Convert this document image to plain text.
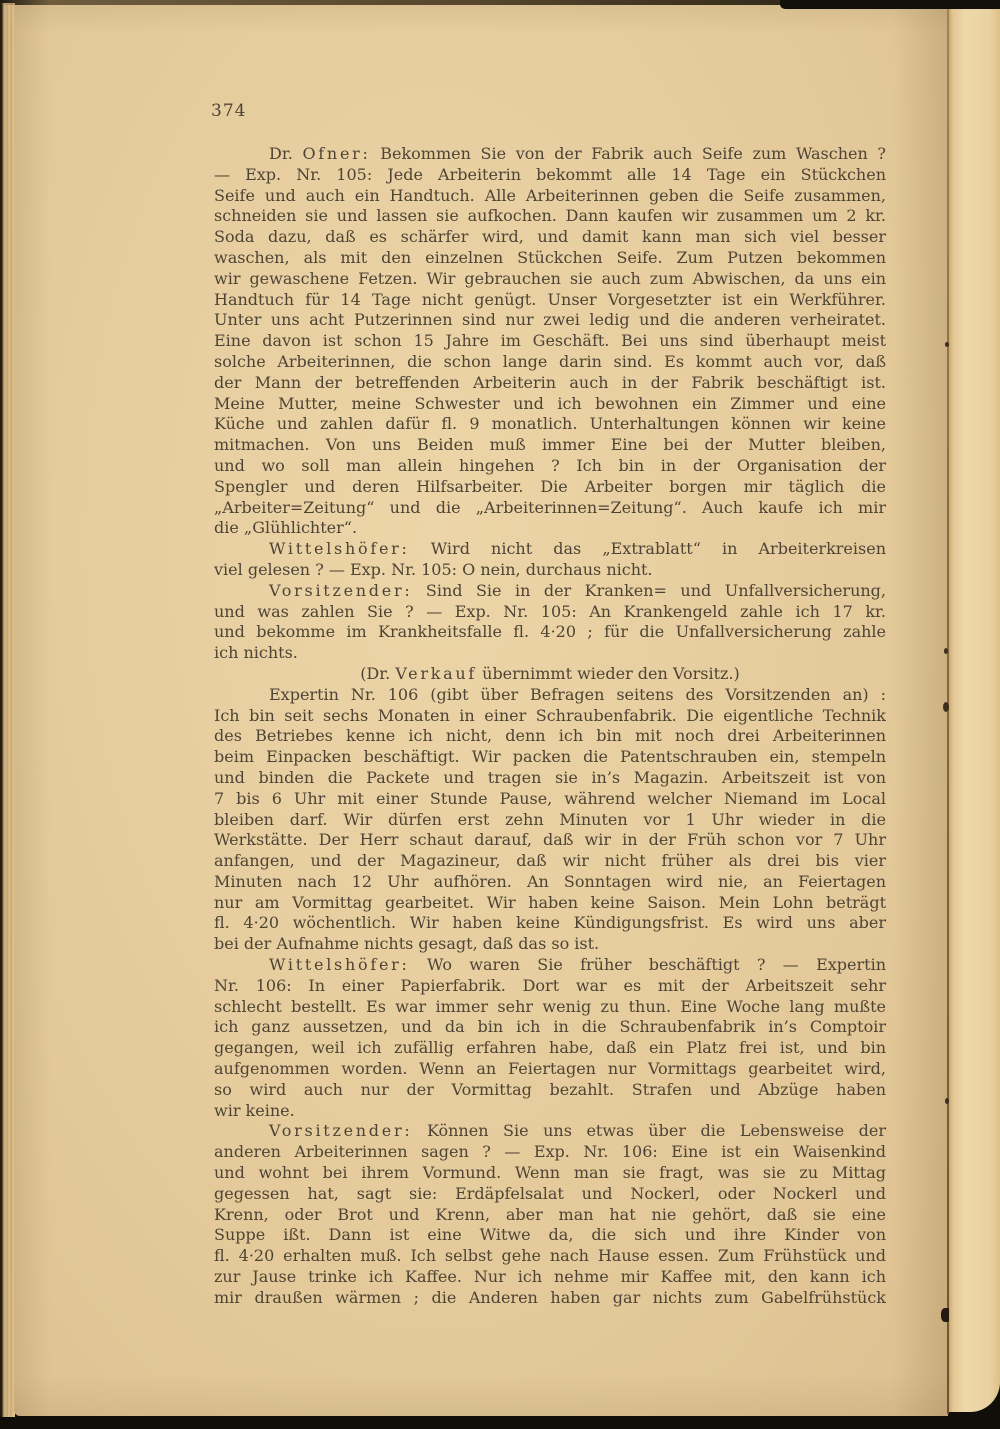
374

Dr. Ofner: Bekommen Sie von der Fabrik auch Seife zum Waschen ?
— Exp. Nr. 105: Jede Arbeiterin bekommt alle 14 Tage ein Stückchen
Seife und auch ein Handtuch. Alle Arbeiterinnen geben die Seife zusammen,
schneiden sie und lassen sie aufkochen. Dann kaufen wir zusammen um 2 kr.
Soda dazu, daß es schärfer wird, und damit kann man sich viel besser
waschen, als mit den einzelnen Stückchen Seife. Zum Putzen bekommen
wir gewaschene Fetzen. Wir gebrauchen sie auch zum Abwischen, da uns ein
Handtuch für 14 Tage nicht genügt. Unser Vorgesetzter ist ein Werkführer.
Unter uns acht Putzerinnen sind nur zwei ledig und die anderen verheiratet.
Eine davon ist schon 15 Jahre im Geschäft. Bei uns sind überhaupt meist
solche Arbeiterinnen, die schon lange darin sind. Es kommt auch vor, daß
der Mann der betreffenden Arbeiterin auch in der Fabrik beschäftigt ist.
Meine Mutter, meine Schwester und ich bewohnen ein Zimmer und eine
Küche und zahlen dafür fl. 9 monatlich. Unterhaltungen können wir keine
mitmachen. Von uns Beiden muß immer Eine bei der Mutter bleiben,
und wo soll man allein hingehen ? Ich bin in der Organisation der
Spengler und deren Hilfsarbeiter. Die Arbeiter borgen mir täglich die
„Arbeiter=Zeitung“ und die „Arbeiterinnen=Zeitung“. Auch kaufe ich mir
die „Glühlichter“.

Wittelshöfer: Wird nicht das „Extrablatt“ in Arbeiterkreisen
viel gelesen ? — Exp. Nr. 105: O nein, durchaus nicht.

Vorsitzender: Sind Sie in der Kranken= und Unfallversicherung,
und was zahlen Sie ? — Exp. Nr. 105: An Krankengeld zahle ich 17 kr.
und bekomme im Krankheitsfalle fl. 4·20 ; für die Unfallversicherung zahle
ich nichts.

(Dr. Verkauf übernimmt wieder den Vorsitz.)

Expertin Nr. 106 (gibt über Befragen seitens des Vorsitzenden an) :
Ich bin seit sechs Monaten in einer Schraubenfabrik. Die eigentliche Technik
des Betriebes kenne ich nicht, denn ich bin mit noch drei Arbeiterinnen
beim Einpacken beschäftigt. Wir packen die Patentschrauben ein, stempeln
und binden die Packete und tragen sie in’s Magazin. Arbeitszeit ist von
7 bis 6 Uhr mit einer Stunde Pause, während welcher Niemand im Local
bleiben darf. Wir dürfen erst zehn Minuten vor 1 Uhr wieder in die
Werkstätte. Der Herr schaut darauf, daß wir in der Früh schon vor 7 Uhr
anfangen, und der Magazineur, daß wir nicht früher als drei bis vier
Minuten nach 12 Uhr aufhören. An Sonntagen wird nie, an Feiertagen
nur am Vormittag gearbeitet. Wir haben keine Saison. Mein Lohn beträgt
fl. 4·20 wöchentlich. Wir haben keine Kündigungsfrist. Es wird uns aber
bei der Aufnahme nichts gesagt, daß das so ist.

Wittelshöfer: Wo waren Sie früher beschäftigt ? — Expertin
Nr. 106: In einer Papierfabrik. Dort war es mit der Arbeitszeit sehr
schlecht bestellt. Es war immer sehr wenig zu thun. Eine Woche lang mußte
ich ganz aussetzen, und da bin ich in die Schraubenfabrik in’s Comptoir
gegangen, weil ich zufällig erfahren habe, daß ein Platz frei ist, und bin
aufgenommen worden. Wenn an Feiertagen nur Vormittags gearbeitet wird,
so wird auch nur der Vormittag bezahlt. Strafen und Abzüge haben
wir keine.

Vorsitzender: Können Sie uns etwas über die Lebensweise der
anderen Arbeiterinnen sagen ? — Exp. Nr. 106: Eine ist ein Waisenkind
und wohnt bei ihrem Vormund. Wenn man sie fragt, was sie zu Mittag
gegessen hat, sagt sie: Erdäpfelsalat und Nockerl, oder Nockerl und
Krenn, oder Brot und Krenn, aber man hat nie gehört, daß sie eine
Suppe ißt. Dann ist eine Witwe da, die sich und ihre Kinder von
fl. 4·20 erhalten muß. Ich selbst gehe nach Hause essen. Zum Frühstück und
zur Jause trinke ich Kaffee. Nur ich nehme mir Kaffee mit, den kann ich
mir draußen wärmen ; die Anderen haben gar nichts zum Gabelfrühstück
